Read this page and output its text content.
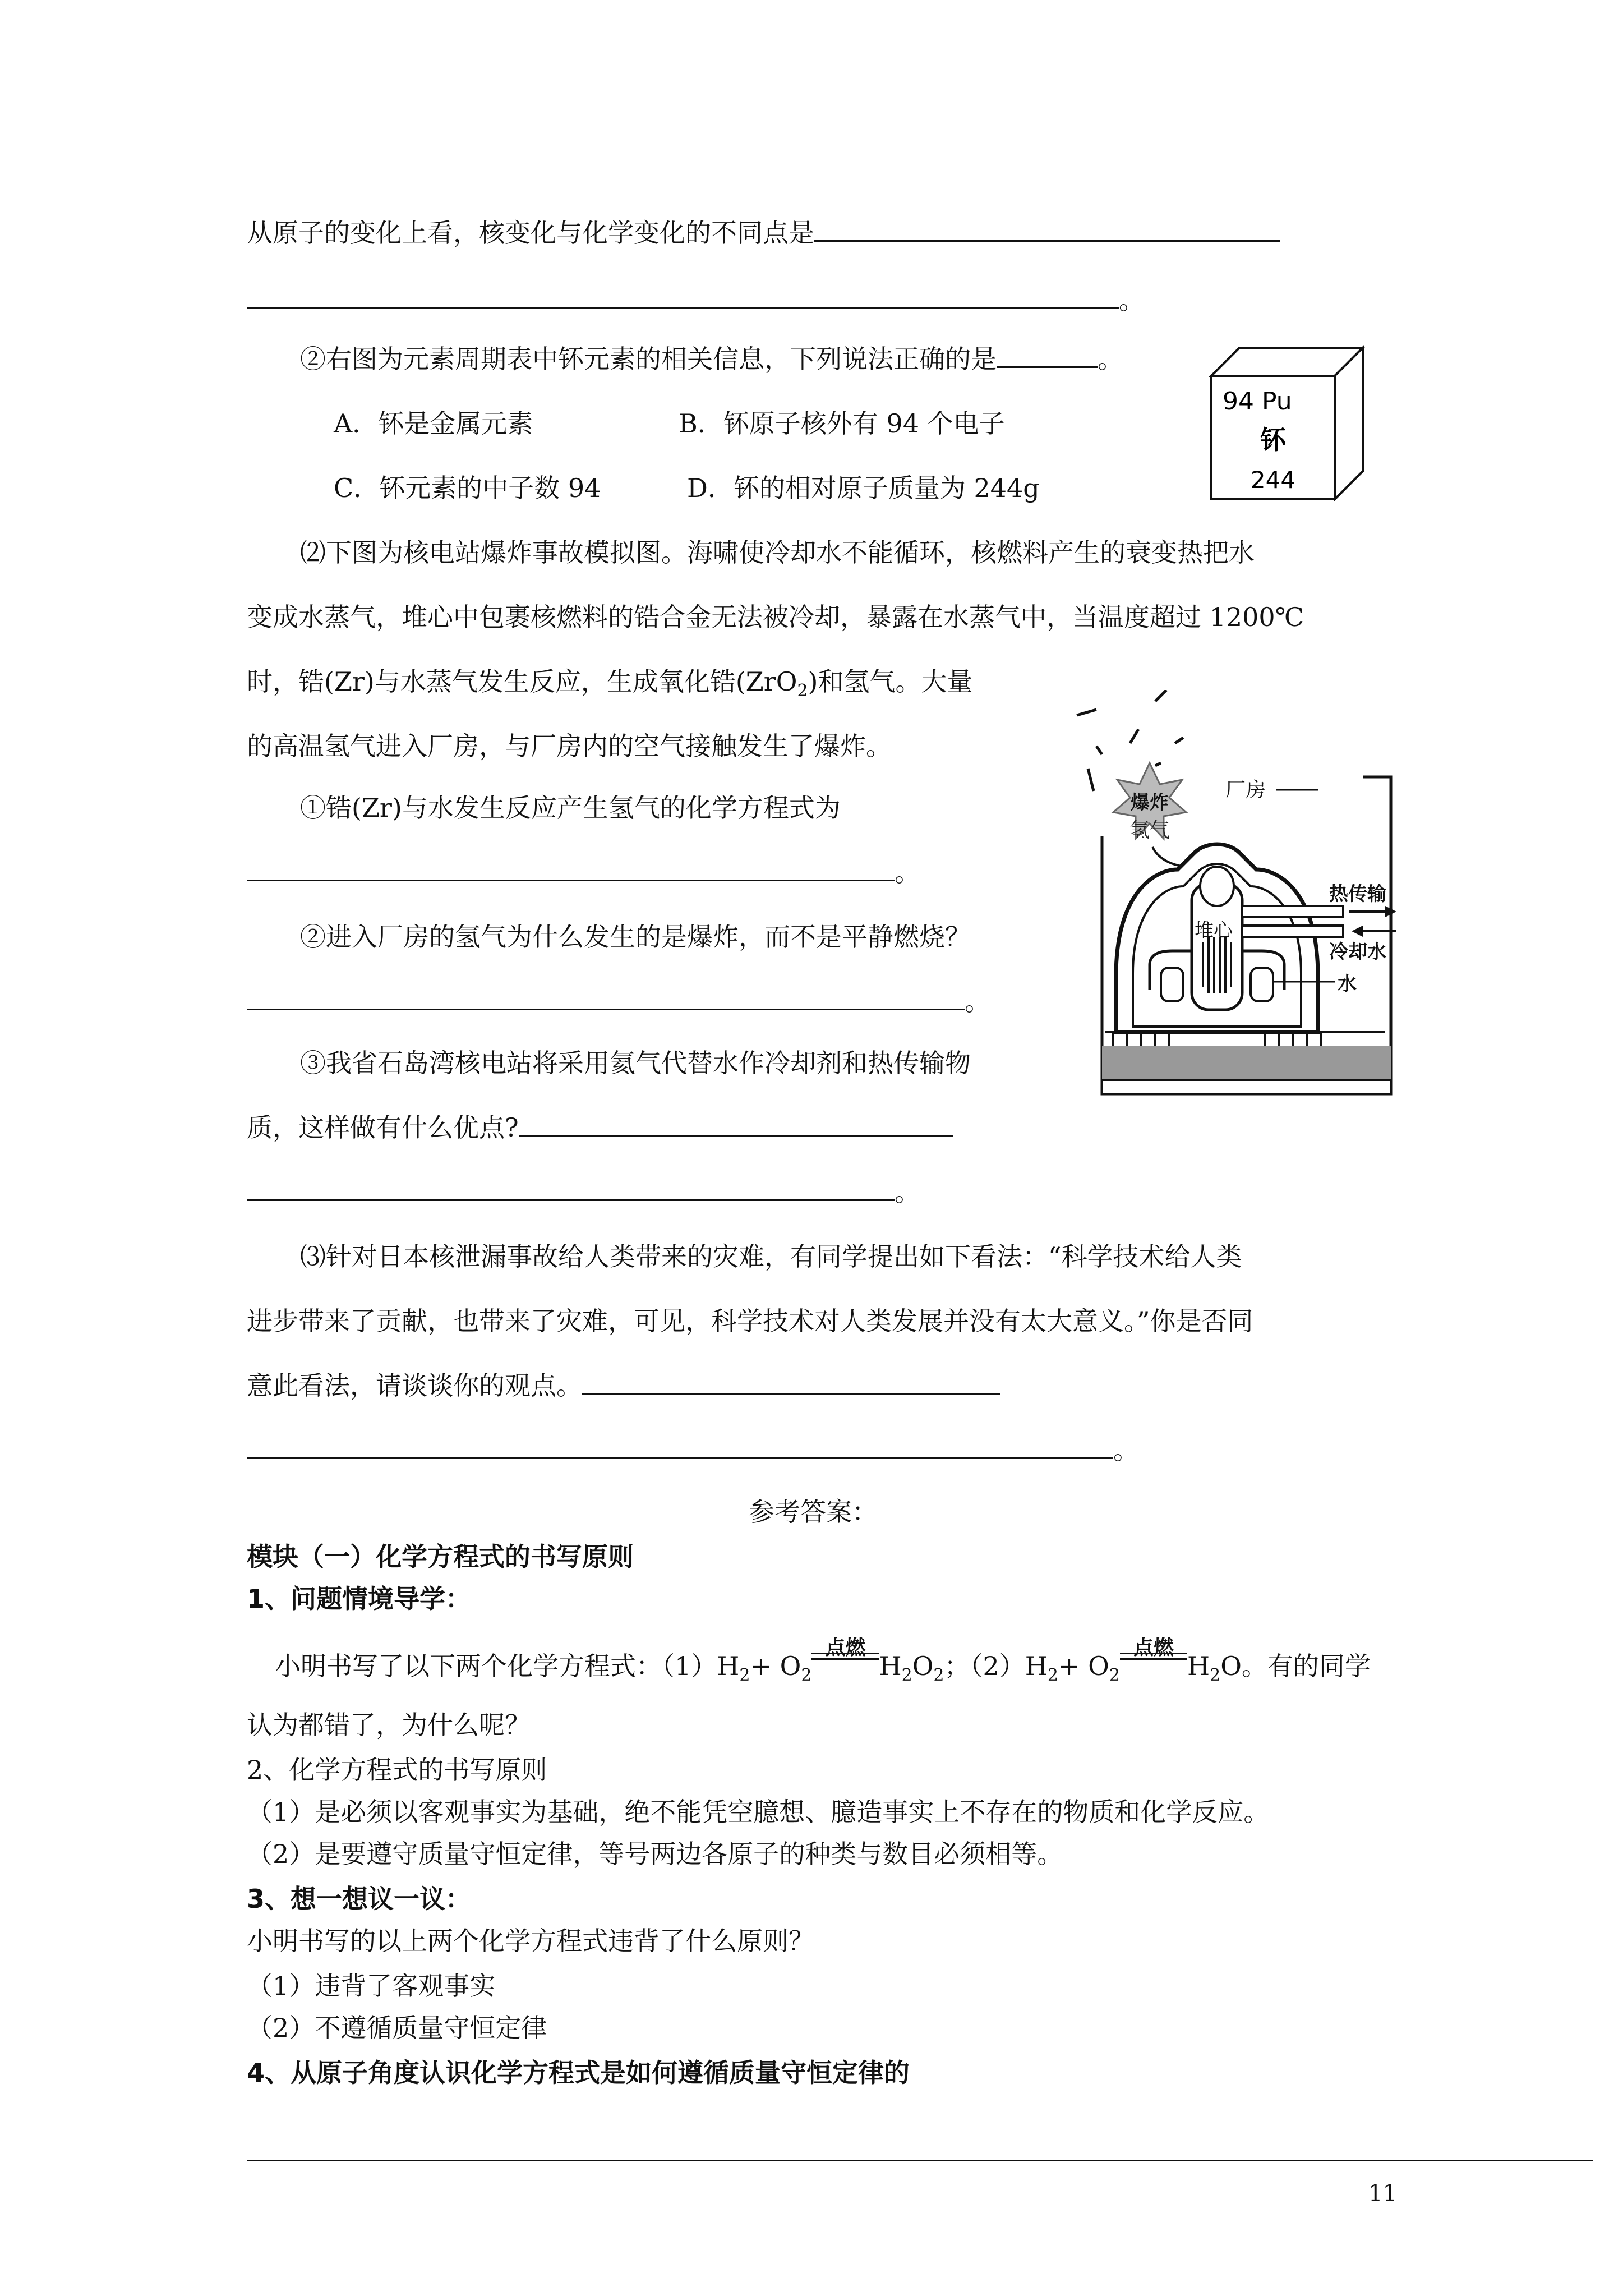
从原子的变化上看，核变化与化学变化的不同点是
。
②右图为元素周期表中钚元素的相关信息，下列说法正确的是	。
A．钚是金属元素	B．钚原子核外有 94 个电子
C．钚元素的中子数 94	D．钚的相对原子质量为 244g
94 Pu
钚
244
⑵下图为核电站爆炸事故模拟图。海啸使冷却水不能循环，核燃料产生的衰变热把水
变成水蒸气，堆心中包裹核燃料的锆合金无法被冷却，暴露在水蒸气中，当温度超过 1200℃
时，锆(Zr)与水蒸气发生反应，生成氧化锆(ZrO$_2$)和氢气。大量
的高温氢气进入厂房，与厂房内的空气接触发生了爆炸。
①锆(Zr)与水发生反应产生氢气的化学方程式为
。
②进入厂房的氢气为什么发生的是爆炸，而不是平静燃烧？
。
③我省石岛湾核电站将采用氦气代替水作冷却剂和热传输物
质，这样做有什么优点?
。
爆炸
氢气
厂房
堆心
热传输
冷却水
水
⑶针对日本核泄漏事故给人类带来的灾难，有同学提出如下看法：“科学技术给人类
进步带来了贡献，也带来了灾难，可见，科学技术对人类发展并没有太大意义。”你是否同
意此看法，请谈谈你的观点。
。
参考答案：
模块（一）化学方程式的书写原则
1、问题情境导学：
小明书写了以下两个化学方程式：$(1)H_2+ O_2$
点燃
$H_2O_2$；$(2)H_2+ O_2$
点燃
$H_2O$。有的同学
认为都错了，为什么呢？
2、化学方程式的书写原则
（1）是必须以客观事实为基础，绝不能凭空臆想、臆造事实上不存在的物质和化学反应。
（2）是要遵守质量守恒定律，等号两边各原子的种类与数目必须相等。
3、想一想议一议：
小明书写的以上两个化学方程式违背了什么原则？
（1）违背了客观事实
（2）不遵循质量守恒定律
4、从原子角度认识化学方程式是如何遵循质量守恒定律的
11
